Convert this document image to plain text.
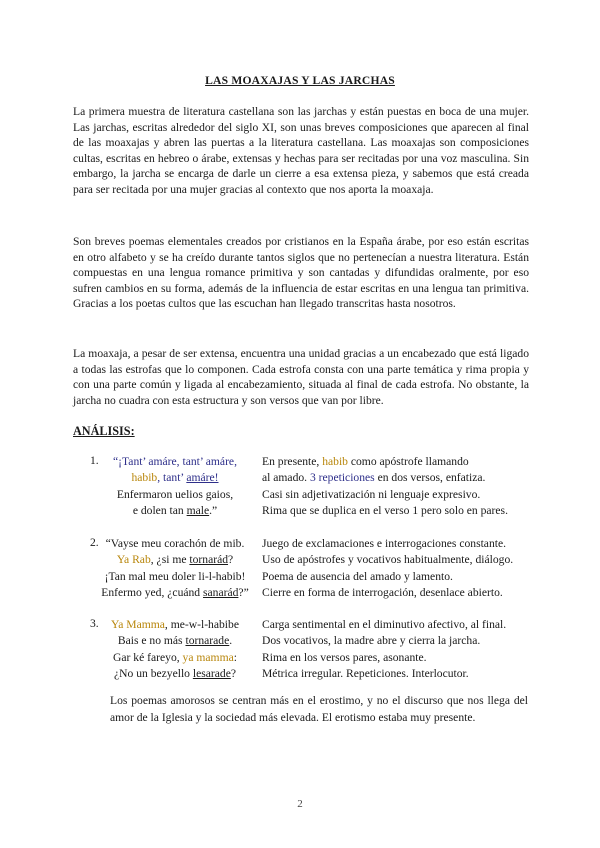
LAS MOAXAJAS Y LAS JARCHAS

La primera muestra de literatura castellana son las jarchas y están puestas en boca de una mujer. Las jarchas, escritas alrededor del siglo XI, son unas breves composiciones que aparecen al final de las moaxajas y abren las puertas a la literatura castellana. Las moaxajas son composiciones cultas, escritas en hebreo o árabe, extensas y hechas para ser recitadas por una voz masculina. Sin embargo, la jarcha se encarga de darle un cierre a esa extensa pieza, y sabemos que está creada para ser recitada por una mujer gracias al contexto que nos aporta la moaxaja.

Son breves poemas elementales creados por cristianos en la España árabe, por eso están escritas en otro alfabeto y se ha creído durante tantos siglos que no pertenecían a nuestra literatura. Están compuestas en una lengua romance primitiva y son cantadas y difundidas oralmente, por eso sufren cambios en su forma, además de la influencia de estar escritas en una lengua tan primitiva. Gracias a los poetas cultos que las escuchan han llegado transcritas hasta nosotros.

La moaxaja, a pesar de ser extensa, encuentra una unidad gracias a un encabezado que está ligado a todas las estrofas que lo componen. Cada estrofa consta con una parte temática y rima propia y con una parte común y ligada al encabezamiento, situada al final de cada estrofa. No obstante, la jarcha no cuadra con esta estructura y son versos que van por libre.

ANÁLISIS:
1.	“¡Tant’ amáre, tant’ amáre,	En presente, habib como apóstrofe llamando
habib, tant’ amáre!	al amado. 3 repeticiones en dos versos, enfatiza.
Enfermaron uelios gaios,	Casi sin adjetivatización ni lenguaje expresivo.
e dolen tan male.”	Rima que se duplica en el verso 1 pero solo en pares.
2. “Vayse meu corachón de mib.	Juego de exclamaciones e interrogaciones constante.
Ya Rab, ¿si me tornarád?	Uso de apóstrofes y vocativos habitualmente, diálogo.
¡Tan mal meu doler li-l-habib!	Poema de ausencia del amado y lamento.
Enfermo yed, ¿cuánd sanarád?”	Cierre en forma de interrogación, desenlace abierto.
3.	Ya Mamma, me-w-l-habibe	Carga sentimental en el diminutivo afectivo, al final.
Bais e no más tornarade.	Dos vocativos, la madre abre y cierra la jarcha.
Gar ké fareyo, ya mamma:	Rima en los versos pares, asonante.
¿No un bezyello lesarade?	Métrica irregular. Repeticiones. Interlocutor.

Los poemas amorosos se centran más en el erostimo, y no el discurso que nos llega del amor de la Iglesia y la sociedad más elevada. El erotismo estaba muy presente.

2
